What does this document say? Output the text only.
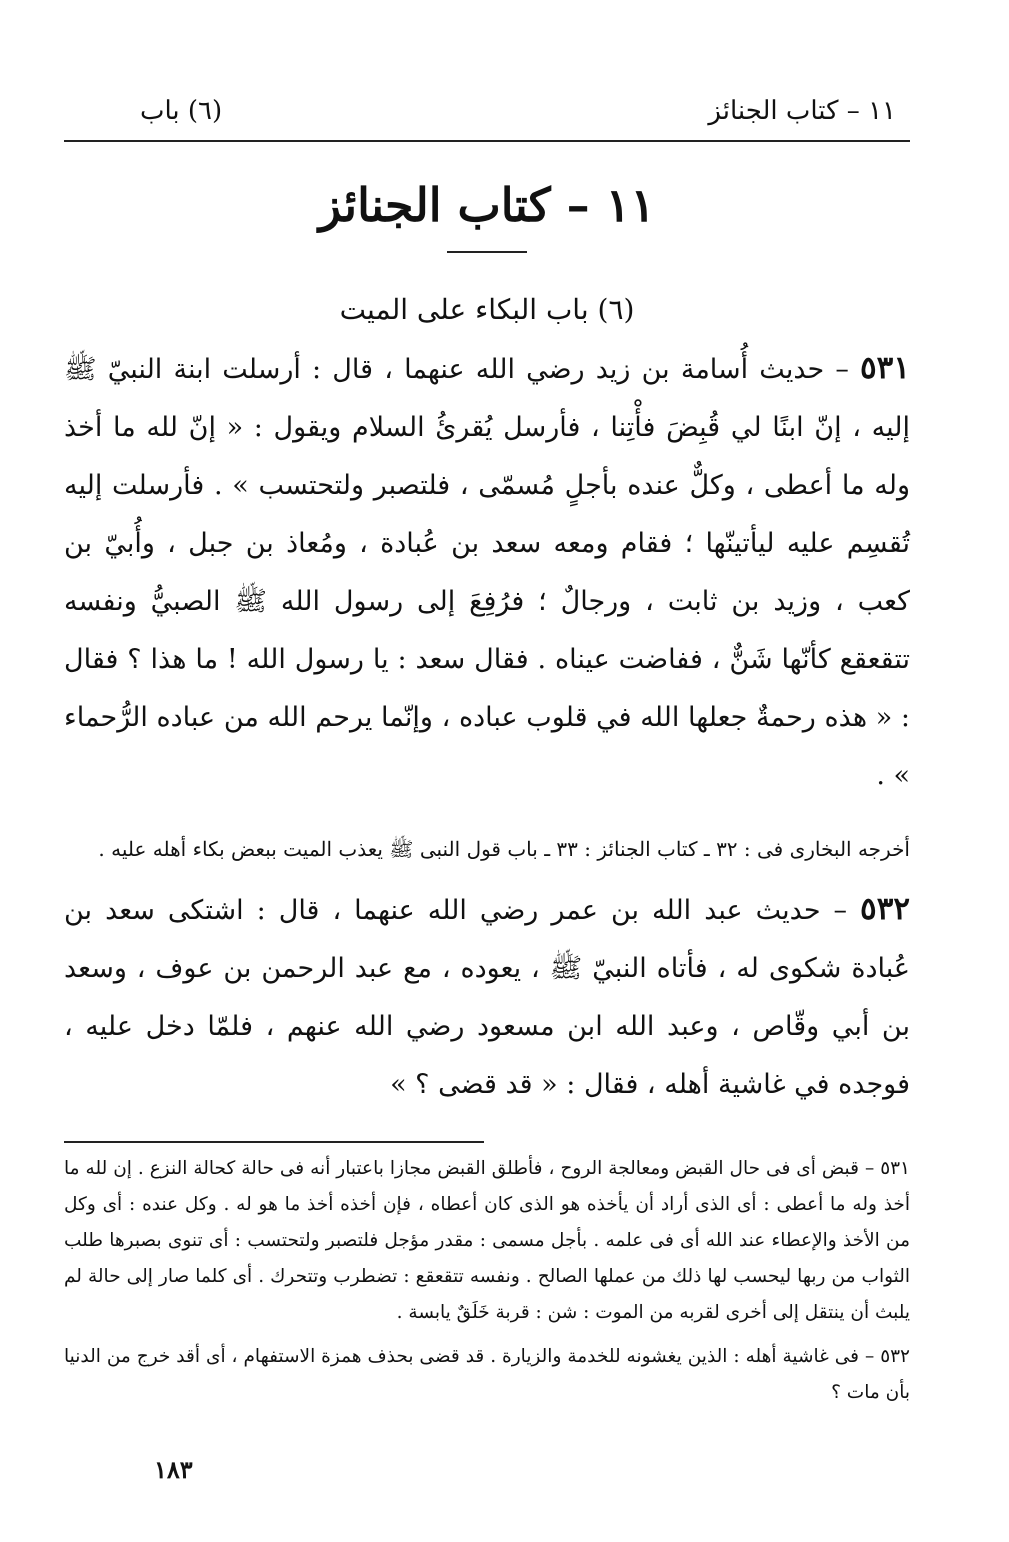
١١ – كتاب الجنائز
(٦) باب
١١ – كتاب الجنائز
(٦) باب البكاء على الميت

٥٣١ – حديث أُسامة بن زيد رضي الله عنهما ، قال : أرسلت ابنة النبيّ ﷺ إليه ، إنّ ابنًا لي قُبِضَ فأْتِنا ، فأرسل يُقرئُ السلام ويقول : « إنّ لله ما أخذ وله ما أعطى ، وكلٌّ عنده بأجلٍ مُسمّى ، فلتصبر ولتحتسب » . فأرسلت إليه تُقسِم عليه ليأتينّها ؛ فقام ومعه سعد بن عُبادة ، ومُعاذ بن جبل ، وأُبيّ بن كعب ، وزيد بن ثابت ، ورجالٌ ؛ فرُفِعَ إلى رسول الله ﷺ الصبيُّ ونفسه تتقعقع كأنّها شَنٌّ ، ففاضت عيناه . فقال سعد : يا رسول الله ! ما هذا ؟ فقال : « هذه رحمةٌ جعلها الله في قلوب عباده ، وإنّما يرحم الله من عباده الرُّحماء » .

أخرجه البخارى فى : ٣٢ ـ كتاب الجنائز : ٣٣ ـ باب قول النبى ﷺ يعذب الميت ببعض بكاء أهله عليه .

٥٣٢ – حديث عبد الله بن عمر رضي الله عنهما ، قال : اشتكى سعد بن عُبادة شكوى له ، فأتاه النبيّ ﷺ ، يعوده ، مع عبد الرحمن بن عوف ، وسعد بن أبي وقّاص ، وعبد الله ابن مسعود رضي الله عنهم ، فلمّا دخل عليه ، فوجده في غاشية أهله ، فقال : « قد قضى ؟ »

٥٣١ – قبض أى فى حال القبض ومعالجة الروح ، فأطلق القبض مجازا باعتبار أنه فى حالة كحالة النزع . إن لله ما أخذ وله ما أعطى : أى الذى أراد أن يأخذه هو الذى كان أعطاه ، فإن أخذه أخذ ما هو له . وكل عنده : أى وكل من الأخذ والإعطاء عند الله أى فى علمه . بأجل مسمى : مقدر مؤجل فلتصبر ولتحتسب : أى تنوى بصبرها طلب الثواب من ربها ليحسب لها ذلك من عملها الصالح . ونفسه تتقعقع : تضطرب وتتحرك . أى كلما صار إلى حالة لم يلبث أن ينتقل إلى أخرى لقربه من الموت : شن : قربة خَلَقٌ يابسة .
٥٣٢ – فى غاشية أهله : الذين يغشونه للخدمة والزيارة . قد قضى بحذف همزة الاستفهام ، أى أقد خرج من الدنيا بأن مات ؟
١٨٣
